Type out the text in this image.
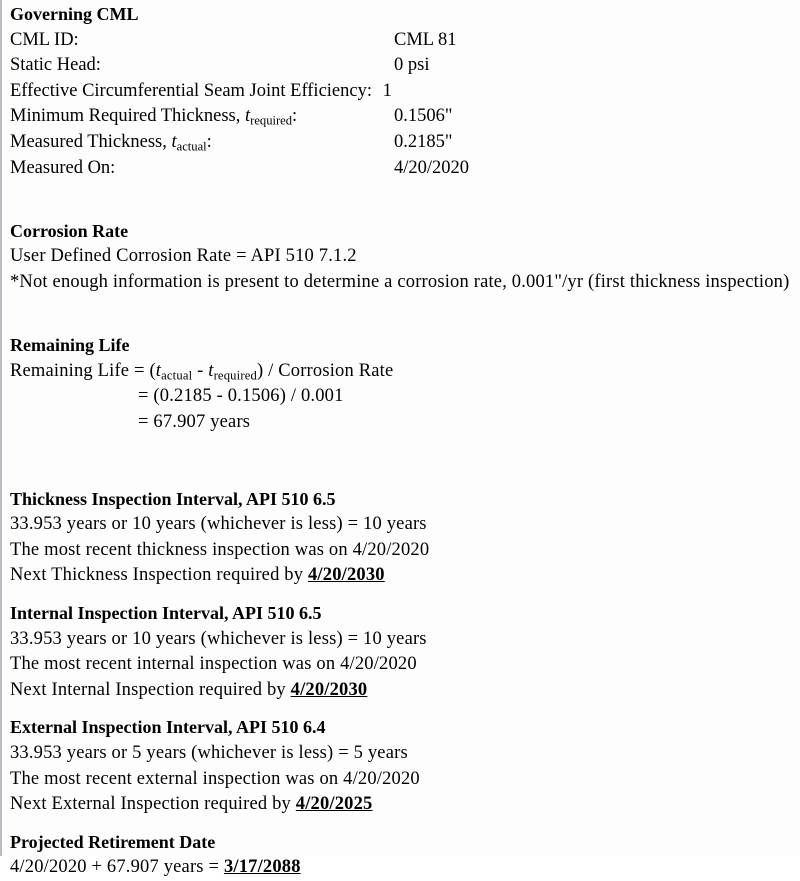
Governing CML
CML ID:	CML 81
Static Head:	0 psi
Effective Circumferential Seam Joint Efficiency: 1
Minimum Required Thickness, $t_{required}$:	0.1506"
Measured Thickness, $t_{actual}$:	0.2185"
Measured On:	4/20/2020
Corrosion Rate
User Defined Corrosion Rate = API 510 7.1.2
*Not enough information is present to determine a corrosion rate, 0.001"/yr (first thickness inspection)
Remaining Life
Remaining Life = $(t_{actual} - t_{required})$ / Corrosion Rate
= (0.2185 - 0.1506) / 0.001
= 67.907 years
Thickness Inspection Interval, API 510 6.5
33.953 years or 10 years (whichever is less) = 10 years
The most recent thickness inspection was on 4/20/2020
Next Thickness Inspection required by 4/20/2030
Internal Inspection Interval, API 510 6.5
33.953 years or 10 years (whichever is less) = 10 years
The most recent internal inspection was on 4/20/2020
Next Internal Inspection required by 4/20/2030
External Inspection Interval, API 510 6.4
33.953 years or 5 years (whichever is less) = 5 years
The most recent external inspection was on 4/20/2020
Next External Inspection required by 4/20/2025
Projected Retirement Date
4/20/2020 + 67.907 years = 3/17/2088
